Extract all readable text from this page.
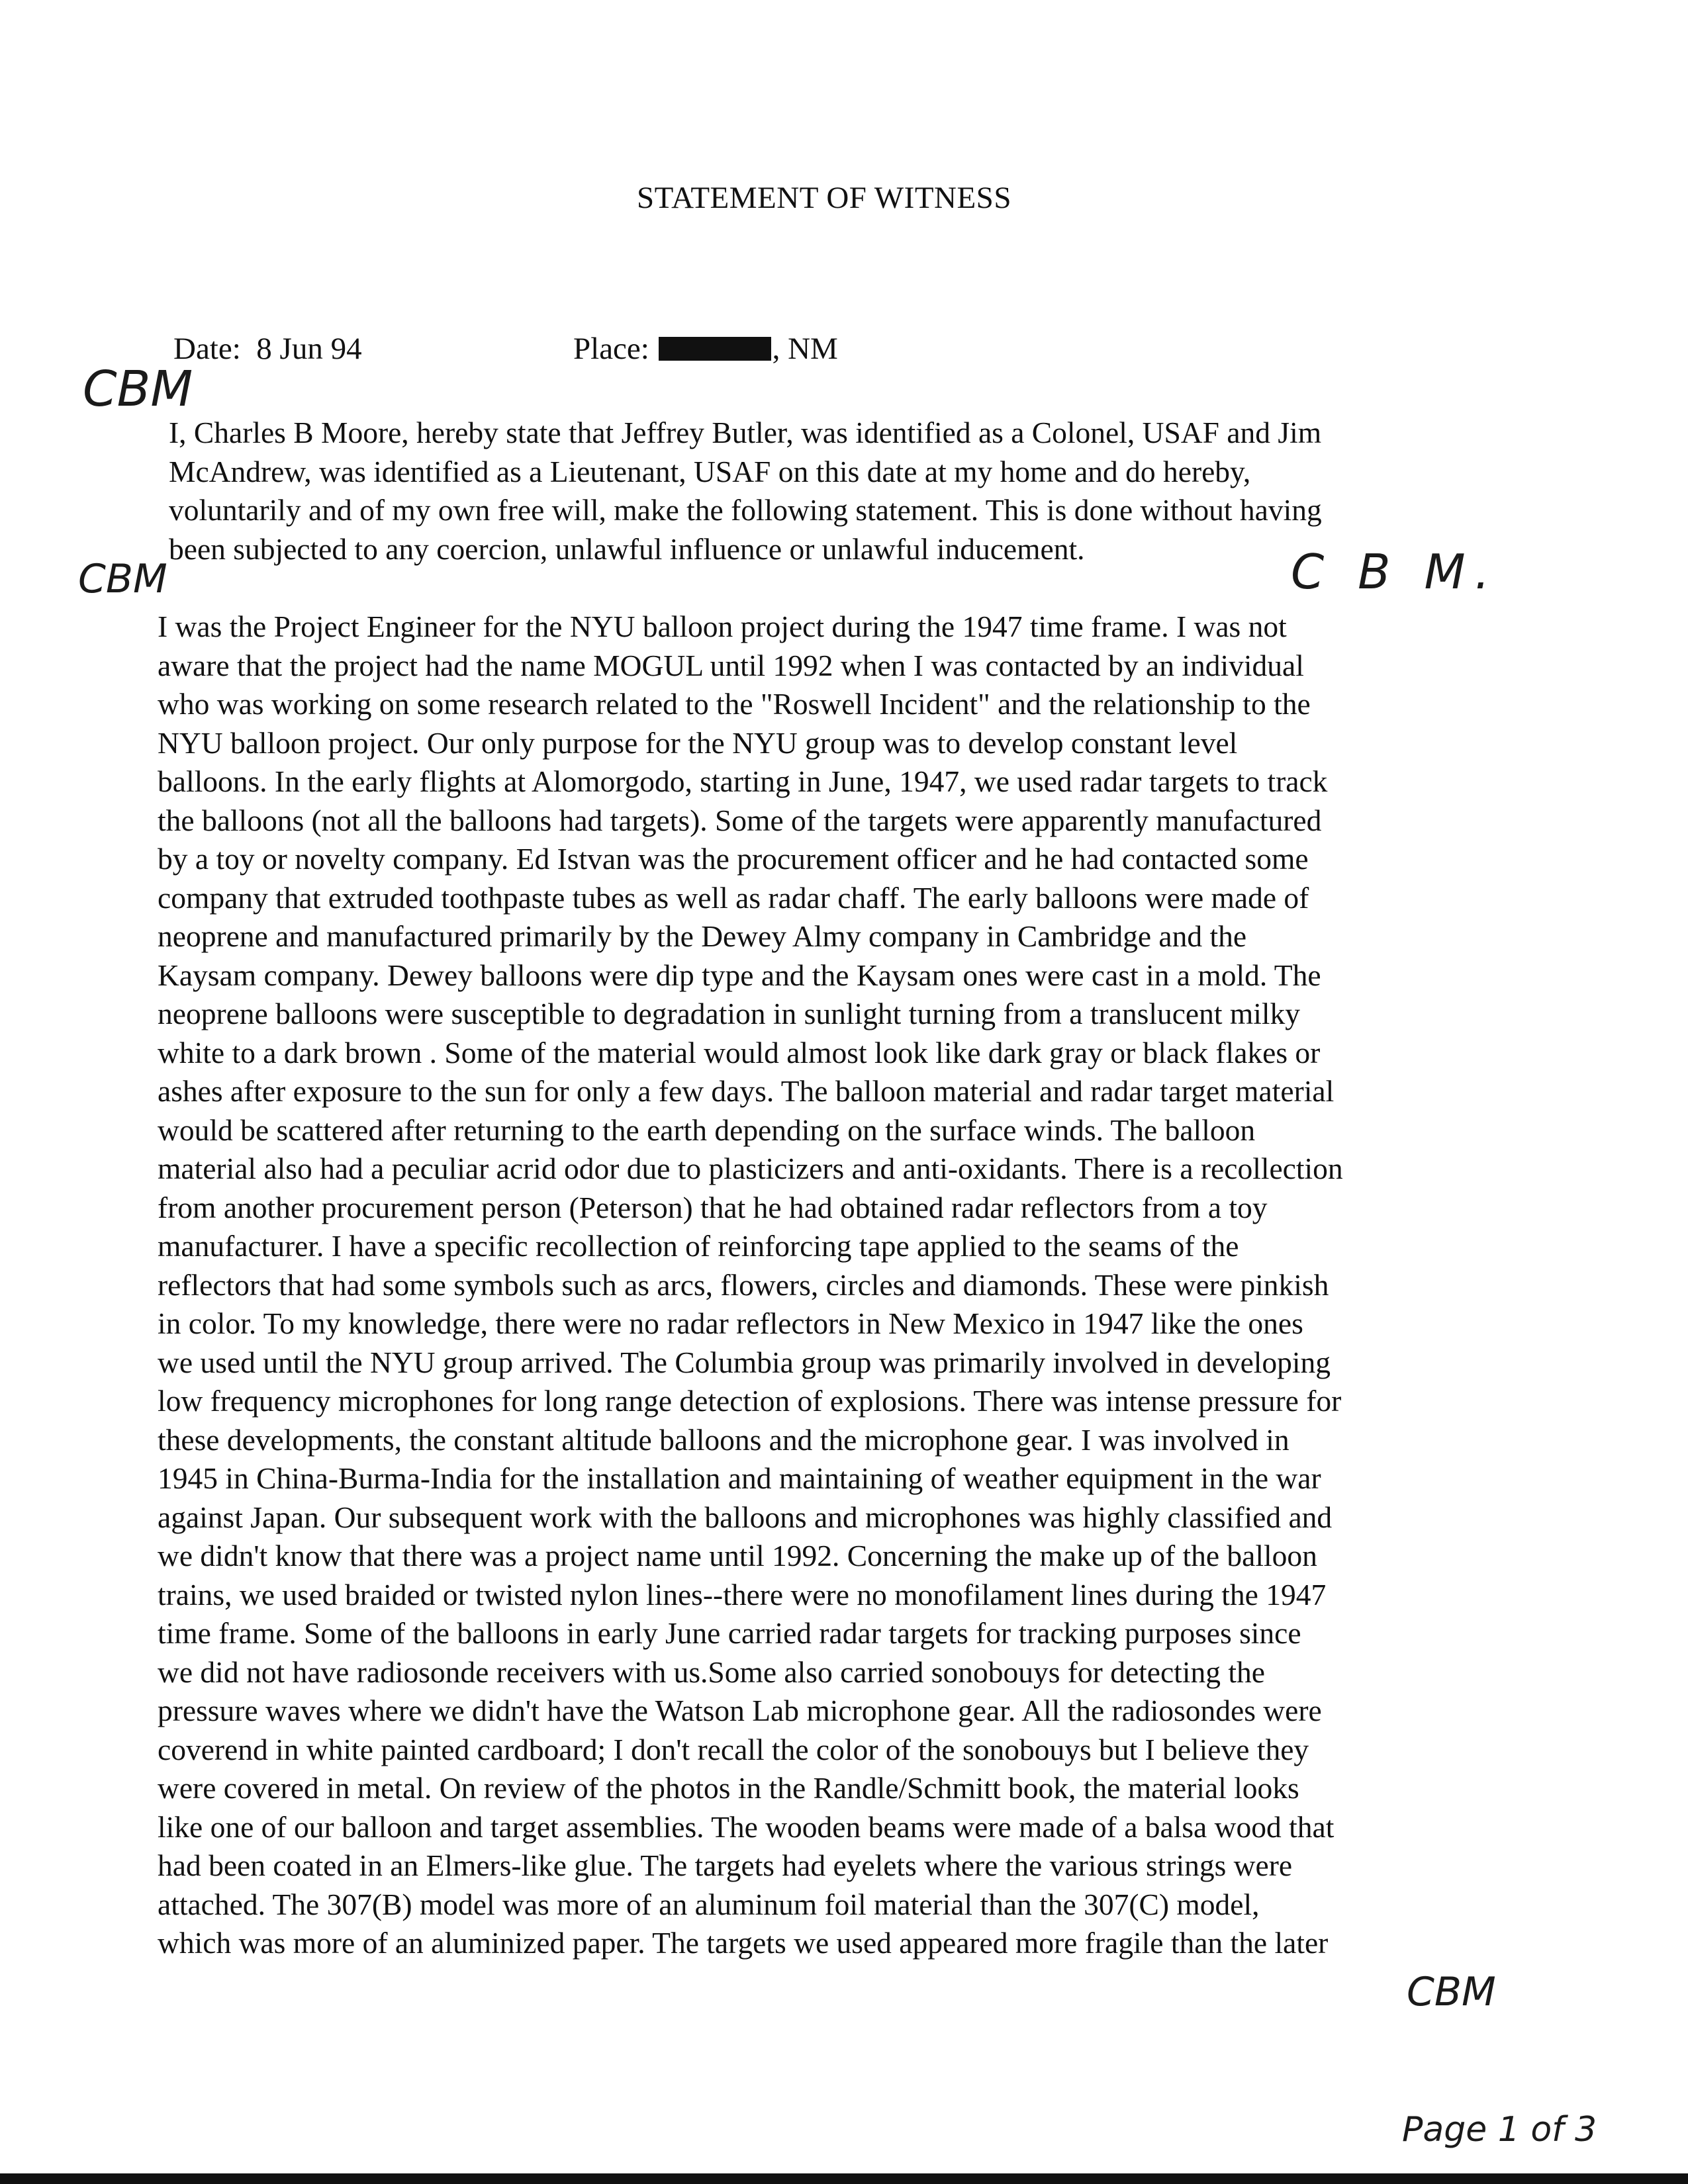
STATEMENT OF WITNESS
Date: 8 Jun 94	Place:	, NM
CBM
I, Charles B Moore, hereby state that Jeffrey Butler, was identified as a Colonel, USAF and Jim
McAndrew, was identified as a Lieutenant, USAF on this date at my home and do hereby,
voluntarily and of my own free will, make the following statement. This is done without having
been subjected to any coercion, unlawful influence or unlawful inducement.
CBM	C B M.
I was the Project Engineer for the NYU balloon project during the 1947 time frame. I was not
aware that the project had the name MOGUL until 1992 when I was contacted by an individual
who was working on some research related to the "Roswell Incident" and the relationship to the
NYU balloon project. Our only purpose for the NYU group was to develop constant level
balloons. In the early flights at Alomorgodo, starting in June, 1947, we used radar targets to track
the balloons (not all the balloons had targets). Some of the targets were apparently manufactured
by a toy or novelty company. Ed Istvan was the procurement officer and he had contacted some
company that extruded toothpaste tubes as well as radar chaff. The early balloons were made of
neoprene and manufactured primarily by the Dewey Almy company in Cambridge and the
Kaysam company. Dewey balloons were dip type and the Kaysam ones were cast in a mold. The
neoprene balloons were susceptible to degradation in sunlight turning from a translucent milky
white to a dark brown . Some of the material would almost look like dark gray or black flakes or
ashes after exposure to the sun for only a few days. The balloon material and radar target material
would be scattered after returning to the earth depending on the surface winds. The balloon
material also had a peculiar acrid odor due to plasticizers and anti-oxidants. There is a recollection
from another procurement person (Peterson) that he had obtained radar reflectors from a toy
manufacturer. I have a specific recollection of reinforcing tape applied to the seams of the
reflectors that had some symbols such as arcs, flowers, circles and diamonds. These were pinkish
in color. To my knowledge, there were no radar reflectors in New Mexico in 1947 like the ones
we used until the NYU group arrived. The Columbia group was primarily involved in developing
low frequency microphones for long range detection of explosions. There was intense pressure for
these developments, the constant altitude balloons and the microphone gear. I was involved in
1945 in China-Burma-India for the installation and maintaining of weather equipment in the war
against Japan. Our subsequent work with the balloons and microphones was highly classified and
we didn't know that there was a project name until 1992. Concerning the make up of the balloon
trains, we used braided or twisted nylon lines--there were no monofilament lines during the 1947
time frame. Some of the balloons in early June carried radar targets for tracking purposes since
we did not have radiosonde receivers with us.Some also carried sonobouys for detecting the
pressure waves where we didn't have the Watson Lab microphone gear. All the radiosondes were
coverend in white painted cardboard; I don't recall the color of the sonobouys but I believe they
were covered in metal. On review of the photos in the Randle/Schmitt book, the material looks
like one of our balloon and target assemblies. The wooden beams were made of a balsa wood that
had been coated in an Elmers-like glue. The targets had eyelets where the various strings were
attached. The 307(B) model was more of an aluminum foil material than the 307(C) model,
which was more of an aluminized paper. The targets we used appeared more fragile than the later
CBM
Page 1 of 3
